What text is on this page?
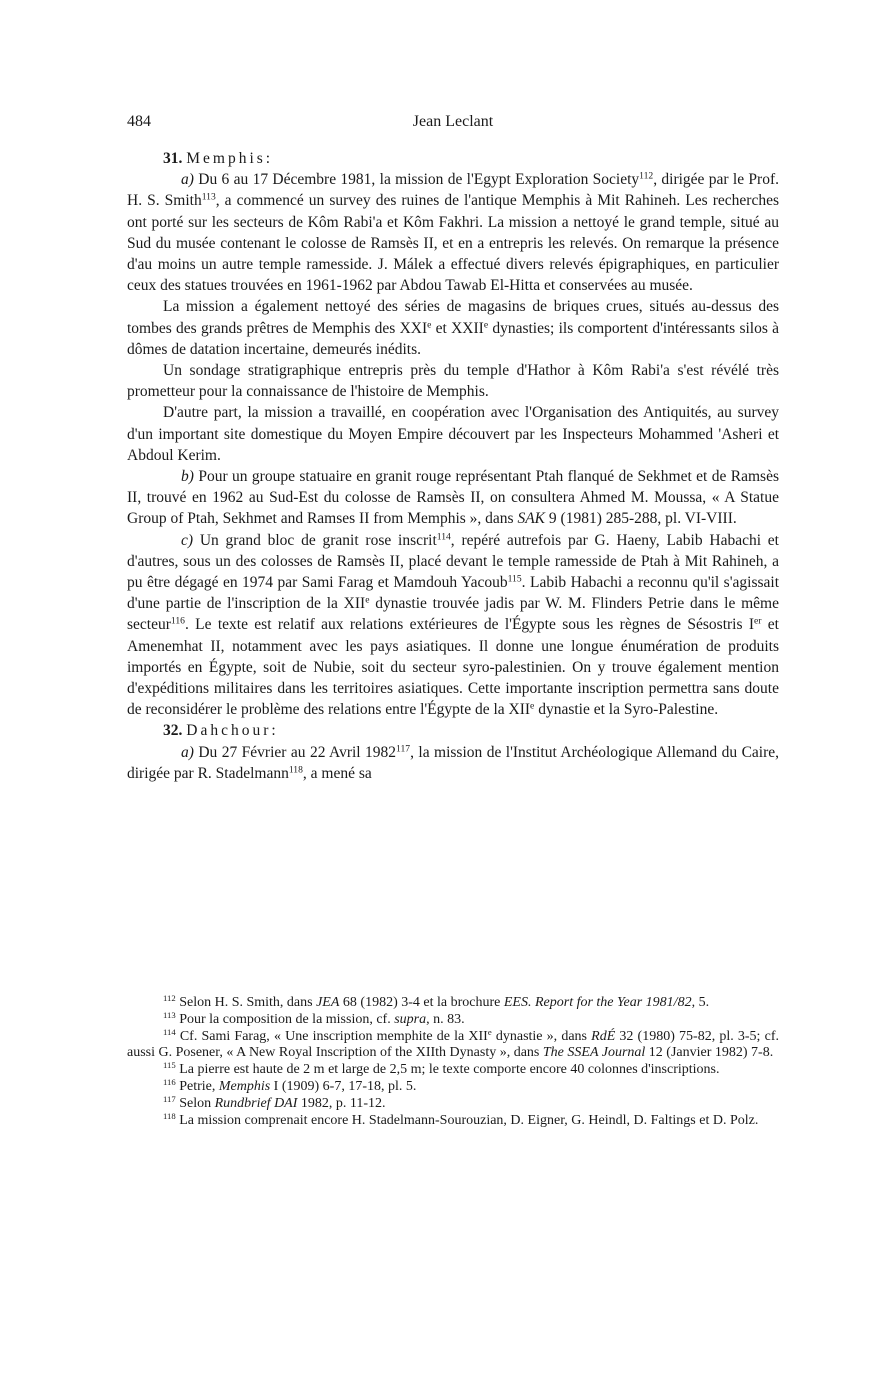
484	Jean Leclant

31. Memphis:

a) Du 6 au 17 Décembre 1981, la mission de l'Egypt Exploration Society$^{112}$, dirigée par le Prof. H. S. Smith$^{113}$, a commencé un survey des ruines de l'antique Memphis à Mit Rahineh. Les recherches ont porté sur les secteurs de Kôm Rabi'a et Kôm Fakhri. La mission a nettoyé le grand temple, situé au Sud du musée contenant le colosse de Ramsès II, et en a entrepris les relevés. On remarque la présence d'au moins un autre temple ramesside. J. Málek a effectué divers relevés épigraphiques, en particulier ceux des statues trouvées en 1961-1962 par Abdou Tawab El-Hitta et conservées au musée.

La mission a également nettoyé des séries de magasins de briques crues, situés au-dessus des tombes des grands prêtres de Memphis des XXIe et XXIIe dynasties; ils comportent d'intéressants silos à dômes de datation incertaine, demeurés inédits.

Un sondage stratigraphique entrepris près du temple d'Hathor à Kôm Rabi'a s'est révélé très prometteur pour la connaissance de l'histoire de Memphis.

D'autre part, la mission a travaillé, en coopération avec l'Organisation des Antiquités, au survey d'un important site domestique du Moyen Empire découvert par les Inspecteurs Mohammed 'Asheri et Abdoul Kerim.

b) Pour un groupe statuaire en granit rouge représentant Ptah flanqué de Sekhmet et de Ramsès II, trouvé en 1962 au Sud-Est du colosse de Ramsès II, on consultera Ahmed M. Moussa, « A Statue Group of Ptah, Sekhmet and Ramses II from Memphis », dans SAK 9 (1981) 285-288, pl. VI-VIII.

c) Un grand bloc de granit rose inscrit$^{114}$, repéré autrefois par G. Haeny, Labib Habachi et d'autres, sous un des colosses de Ramsès II, placé devant le temple ramesside de Ptah à Mit Rahineh, a pu être dégagé en 1974 par Sami Farag et Mamdouh Yacoub$^{115}$. Labib Habachi a reconnu qu'il s'agissait d'une partie de l'inscription de la XIIe dynastie trouvée jadis par W. M. Flinders Petrie dans le même secteur$^{116}$. Le texte est relatif aux relations extérieures de l'Égypte sous les règnes de Sésostris Ier et Amenemhat II, notamment avec les pays asiatiques. Il donne une longue énumération de produits importés en Égypte, soit de Nubie, soit du secteur syro-palestinien. On y trouve également mention d'expéditions militaires dans les territoires asiatiques. Cette importante inscription permettra sans doute de reconsidérer le problème des relations entre l'Égypte de la XIIe dynastie et la Syro-Palestine.

32. Dahchour:

a) Du 27 Février au 22 Avril 1982$^{117}$, la mission de l'Institut Archéologique Allemand du Caire, dirigée par R. Stadelmann$^{118}$, a mené sa

$^{112}$ Selon H. S. Smith, dans JEA 68 (1982) 3-4 et la brochure EES. Report for the Year 1981/82, 5.

$^{113}$ Pour la composition de la mission, cf. supra, n. 83.

$^{114}$ Cf. Sami Farag, « Une inscription memphite de la XIIe dynastie », dans RdÉ 32 (1980) 75-82, pl. 3-5; cf. aussi G. Posener, « A New Royal Inscription of the XIIth Dynasty », dans The SSEA Journal 12 (Janvier 1982) 7-8.

$^{115}$ La pierre est haute de 2 m et large de 2,5 m; le texte comporte encore 40 colonnes d'inscriptions.

$^{116}$ Petrie, Memphis I (1909) 6-7, 17-18, pl. 5.

$^{117}$ Selon Rundbrief DAI 1982, p. 11-12.

$^{118}$ La mission comprenait encore H. Stadelmann-Sourouzian, D. Eigner, G. Heindl, D. Faltings et D. Polz.
